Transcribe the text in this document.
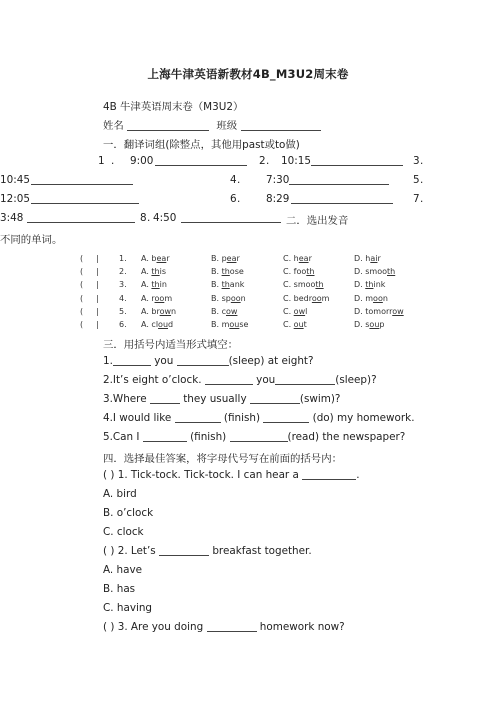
上海牛津英语新教材4B_M3U2周末卷
4B 牛津英语周末卷（M3U2）
姓名	班级
一．翻译词组(除整点，其他用past或to做)
1 . 9:00	2 . 10:15	3 .
10:45	4 . 7:30	5 .
12:05	6 . 8:29	7 .
3:48	8 . 4:50	二．选出发音
不同的单词。
( |	1. A. bear	B. pear	C. hear	D. hair
( |	2. A. this	B. those	C. footh	D. smooth
( |	3. A. thin	B. thank	C. smooth	D. think
( |	4. A. room	B. spoon	C. bedroom	D. moon
( |	5. A. brown	B. cow	C. owl	D. tomorrow
( |	6. A. cloud	B. mouse	C. out	D. soup
三．用括号内适当形式填空：
1.	you	(sleep) at eight?
2.It’s eight o’clock.	you	(sleep)?
3.Where	they usually	(swim)?
4.I would like	(finish)	(do) my homework.
5.Can I	(finish)	(read) the newspaper?
四．选择最佳答案，将字母代号写在前面的括号内：
( ) 1. Tick-tock. Tick-tock. I can hear a	.
A. bird
B. o’clock
C. clock
( ) 2. Let’s	breakfast together.
A. have
B. has
C. having
( ) 3. Are you doing	homework now?
